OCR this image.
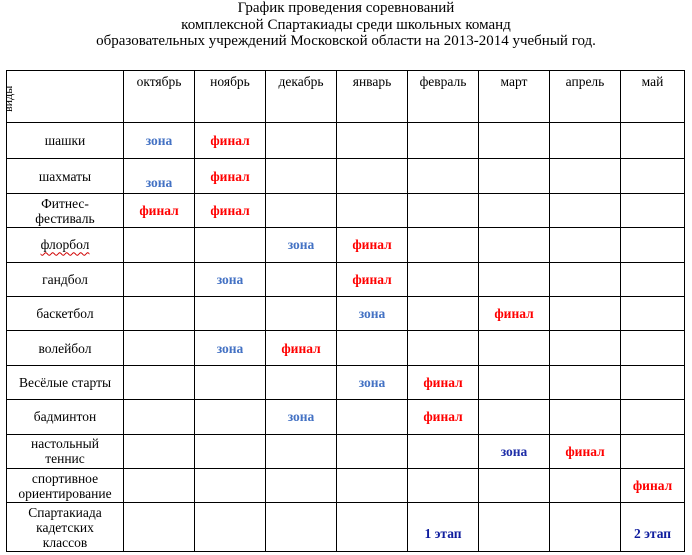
График проведения соревнований
комплексной Спартакиады среди школьных команд
образовательных учреждений Московской области на 2013-2014 учебный год.
виды	октябрь	ноябрь	декабрь	январь	февраль	март	апрель	май

шашки	зона	финал						

шахматы	зона	финал						

Фитнес-
фестиваль	финал	финал						

флорбол			зона	финал				

гандбол		зона		финал				

баскетбол				зона		финал		

волейбол		зона	финал					

Весёлые старты				зона	финал			

бадминтон			зона		финал			

настольный
теннис						зона	финал	

спортивное
ориентирование								финал

Спартакиада
кадетских
классов					1 этап			2 этап
